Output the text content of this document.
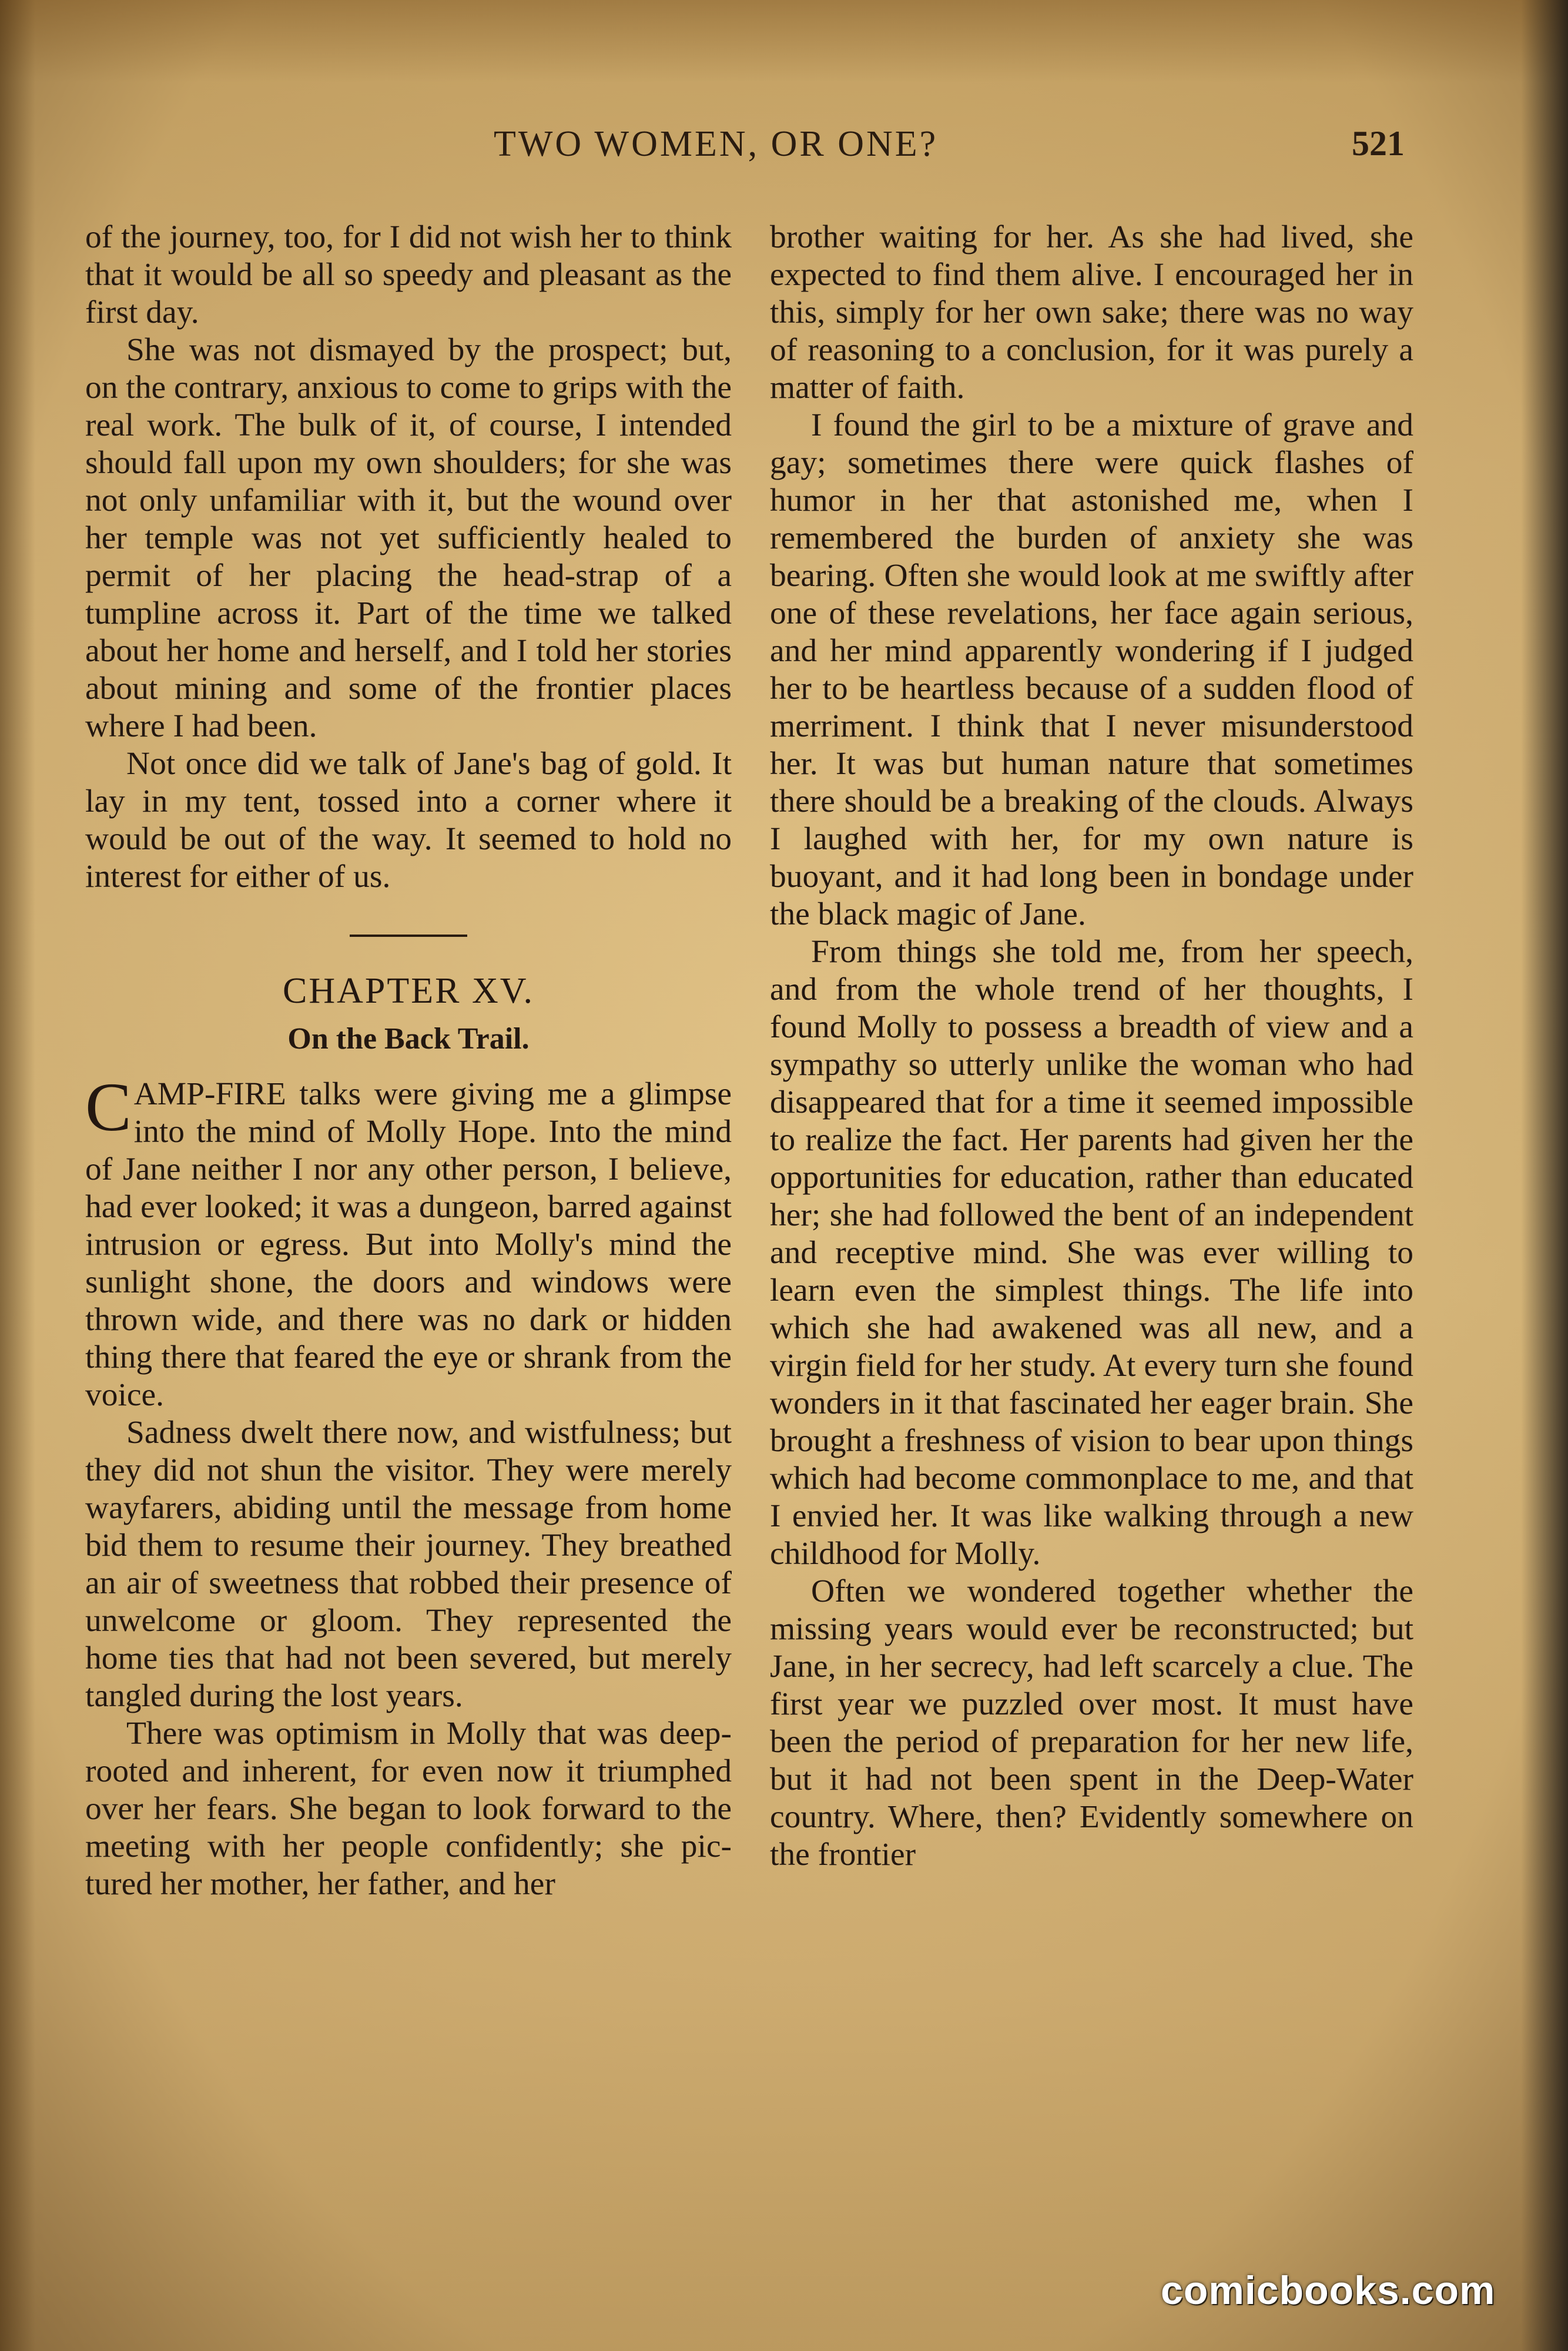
TWO WOMEN, OR ONE?	521

of the journey, too, for I did not wish her to think that it would be all so speedy and pleasant as the first day.

She was not dismayed by the prospect; but, on the contrary, anxious to come to grips with the real work. The bulk of it, of course, I intended should fall upon my own shoulders; for she was not only unfamiliar with it, but the wound over her temple was not yet sufficiently healed to permit of her placing the head-strap of a tumpline across it. Part of the time we talked about her home and herself, and I told her stories about mining and some of the frontier places where I had been.

Not once did we talk of Jane's bag of gold. It lay in my tent, tossed into a corner where it would be out of the way. It seemed to hold no interest for either of us.

CHAPTER XV.
On the Back Trail.

CAMP-FIRE talks were giving me a glimpse into the mind of Molly Hope. Into the mind of Jane neither I nor any other person, I believe, had ever looked; it was a dungeon, barred against intrusion or egress. But into Molly's mind the sunlight shone, the doors and windows were thrown wide, and there was no dark or hidden thing there that feared the eye or shrank from the voice.

Sadness dwelt there now, and wistfulness; but they did not shun the visitor. They were merely wayfarers, abiding until the message from home bid them to resume their journey. They breathed an air of sweetness that robbed their presence of unwelcome or gloom. They represented the home ties that had not been severed, but merely tangled during the lost years.

There was optimism in Molly that was deep-rooted and inherent, for even now it triumphed over her fears. She began to look forward to the meeting with her people confidently; she pictured her mother, her father, and her

brother waiting for her. As she had lived, she expected to find them alive. I encouraged her in this, simply for her own sake; there was no way of reasoning to a conclusion, for it was purely a matter of faith.

I found the girl to be a mixture of grave and gay; sometimes there were quick flashes of humor in her that astonished me, when I remembered the burden of anxiety she was bearing. Often she would look at me swiftly after one of these revelations, her face again serious, and her mind apparently wondering if I judged her to be heartless because of a sudden flood of merriment. I think that I never misunderstood her. It was but human nature that sometimes there should be a breaking of the clouds. Always I laughed with her, for my own nature is buoyant, and it had long been in bondage under the black magic of Jane.

From things she told me, from her speech, and from the whole trend of her thoughts, I found Molly to possess a breadth of view and a sympathy so utterly unlike the woman who had disappeared that for a time it seemed impossible to realize the fact. Her parents had given her the opportunities for education, rather than educated her; she had followed the bent of an independent and receptive mind. She was ever willing to learn even the simplest things. The life into which she had awakened was all new, and a virgin field for her study. At every turn she found wonders in it that fascinated her eager brain. She brought a freshness of vision to bear upon things which had become commonplace to me, and that I envied her. It was like walking through a new childhood for Molly.

Often we wondered together whether the missing years would ever be reconstructed; but Jane, in her secrecy, had left scarcely a clue. The first year we puzzled over most. It must have been the period of preparation for her new life, but it had not been spent in the Deep-Water country. Where, then? Evidently somewhere on the frontier

comicbooks.com
